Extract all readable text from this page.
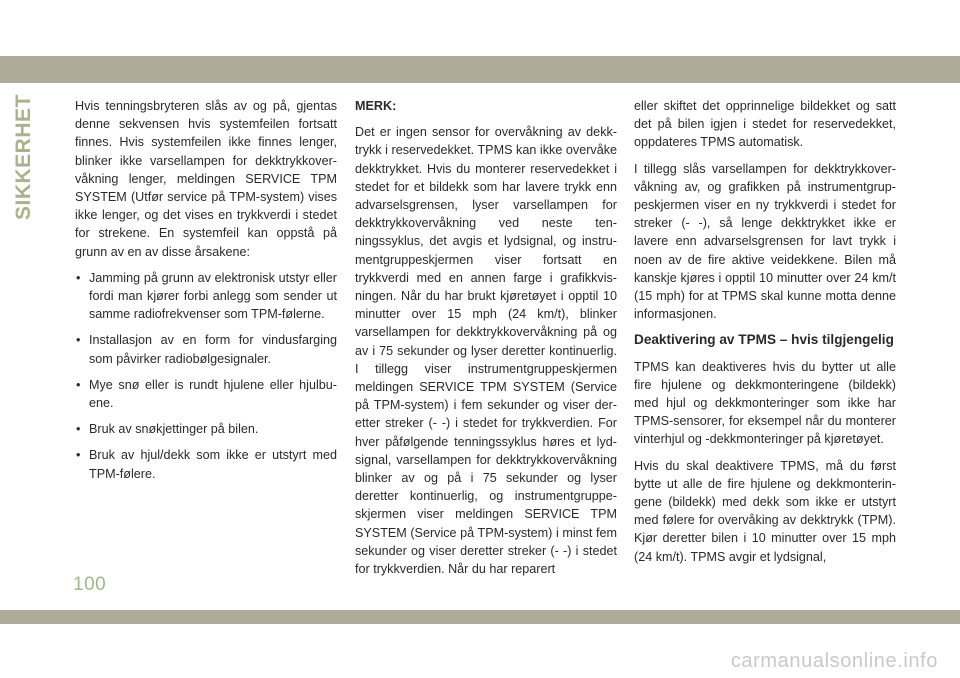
SIKKERHET	Hvis tenningsbryteren slås av og på, gjentas denne sekvensen hvis systemfeilen fortsatt finnes. Hvis systemfeilen ikke finnes lenger, blinker ikke varsellampen for dekktrykkovervåkning lenger, meldingen SERVICE TPM SYSTEM (Utfør service på TPM-system) vises ikke lenger, og det vises en trykkverdi i stedet for strekene. En systemfeil kan oppstå på grunn av en av disse årsakene:

• Jamming på grunn av elektronisk utstyr eller fordi man kjører forbi anlegg som sender ut samme radiofrekvenser som TPM-følerne.
• Installasjon av en form for vindusfarging som påvirker radiobølgesignaler.
• Mye snø eller is rundt hjulene eller hjulbuene.
• Bruk av snøkjettinger på bilen.
• Bruk av hjul/dekk som ikke er utstyrt med TPM-følere.

MERK:

Det er ingen sensor for overvåkning av dekktrykk i reservedekket. TPMS kan ikke overvåke dekktrykket. Hvis du monterer reservedekket i stedet for et bildekk som har lavere trykk enn advarselsgrensen, lyser varsellampen for dekktrykkovervåkning ved neste tenningssyklus, det avgis et lydsignal, og instrumentgruppeskjermen viser fortsatt en trykkverdi med en annen farge i grafikkvisningen. Når du har brukt kjøretøyet i opptil 10 minutter over 15 mph (24 km/t), blinker varsellampen for dekktrykkovervåkning på og av i 75 sekunder og lyser deretter kontinuerlig. I tillegg viser instrumentgruppeskjermen meldingen SERVICE TPM SYSTEM (Service på TPM-system) i fem sekunder og viser deretter streker (- -) i stedet for trykkverdien. For hver påfølgende tenningssyklus høres et lydsignal, varsellampen for dekktrykkovervåkning blinker av og på i 75 sekunder og lyser deretter kontinuerlig, og instrumentgruppeskjermen viser meldingen SERVICE TPM SYSTEM (Service på TPM-system) i minst fem sekunder og viser deretter streker (- -) i stedet for trykkverdien. Når du har reparert

eller skiftet det opprinnelige bildekket og satt det på bilen igjen i stedet for reservedekket, oppdateres TPMS automatisk.

I tillegg slås varsellampen for dekktrykkovervåkning av, og grafikken på instrumentgruppeskjermen viser en ny trykkverdi i stedet for streker (- -), så lenge dekktrykket ikke er lavere enn advarselsgrensen for lavt trykk i noen av de fire aktive veidekkene. Bilen må kanskje kjøres i opptil 10 minutter over 24 km/t (15 mph) for at TPMS skal kunne motta denne informasjonen.

Deaktivering av TPMS – hvis tilgjengelig

TPMS kan deaktiveres hvis du bytter ut alle fire hjulene og dekkmonteringene (bildekk) med hjul og dekkmonteringer som ikke har TPMS-sensorer, for eksempel når du monterer vinterhjul og -dekkmonteringer på kjøretøyet.

Hvis du skal deaktivere TPMS, må du først bytte ut alle de fire hjulene og dekkmonteringene (bildekk) med dekk som ikke er utstyrt med følere for overvåking av dekktrykk (TPM). Kjør deretter bilen i 10 minutter over 15 mph (24 km/t). TPMS avgir et lydsignal,

100
carmanualsonline.info
